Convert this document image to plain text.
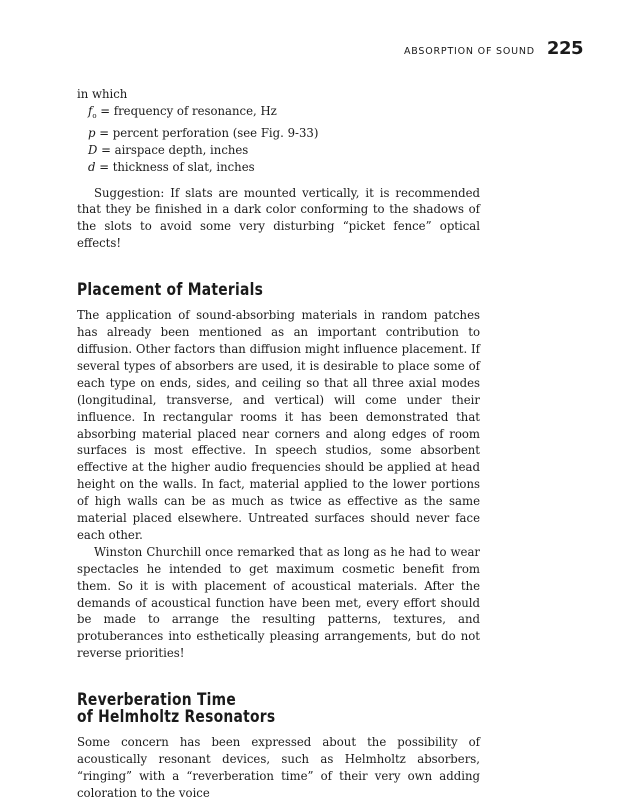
ABSORPTION OF SOUND 225

in which

$f_o$ = frequency of resonance, Hz
p = percent perforation (see Fig. 9-33)
D = airspace depth, inches
d = thickness of slat, inches

Suggestion: If slats are mounted vertically, it is recommended that they be finished in a dark color conforming to the shadows of the slots to avoid some very disturbing “picket fence” optical effects!

Placement of Materials

The application of sound-absorbing materials in random patches has already been mentioned as an important contribution to diffusion. Other factors than diffusion might influence placement. If several types of absorbers are used, it is desirable to place some of each type on ends, sides, and ceiling so that all three axial modes (longitudinal, transverse, and vertical) will come under their influence. In rectangular rooms it has been demonstrated that absorbing material placed near corners and along edges of room surfaces is most effective. In speech studios, some absorbent effective at the higher audio frequencies should be applied at head height on the walls. In fact, material applied to the lower portions of high walls can be as much as twice as effective as the same material placed elsewhere. Untreated surfaces should never face each other.

Winston Churchill once remarked that as long as he had to wear spectacles he intended to get maximum cosmetic benefit from them. So it is with placement of acoustical materials. After the demands of acoustical function have been met, every effort should be made to arrange the resulting patterns, textures, and protuberances into esthetically pleasing arrangements, but do not reverse priorities!

Reverberation Time
of Helmholtz Resonators

Some concern has been expressed about the possibility of acoustically resonant devices, such as Helmholtz absorbers, “ringing” with a “reverberation time” of their very own adding coloration to the voice
